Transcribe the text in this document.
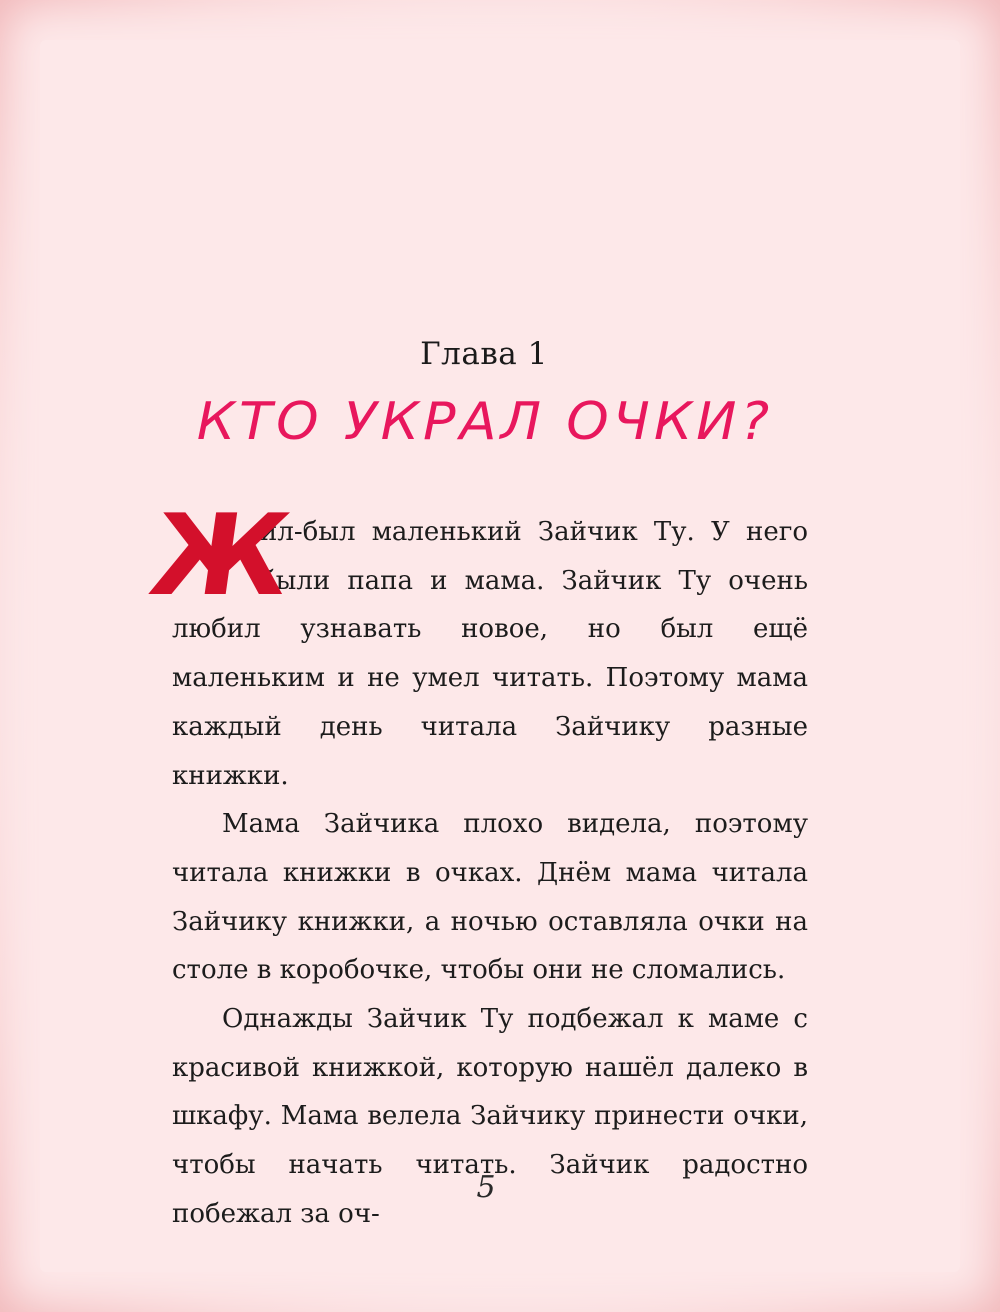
Глава 1
КТО УКРАЛ ОЧКИ?

Ж
ил-был маленький Зайчик Ту. У него были папа и мама. Зайчик Ту очень любил узнавать новое, но был ещё маленьким и не умел читать. Поэтому мама каждый день читала Зайчику разные книжки.

Мама Зайчика плохо видела, поэтому читала книжки в очках. Днём мама читала Зайчику книжки, а ночью оставляла очки на столе в коробочке, чтобы они не сломались.

Однажды Зайчик Ту подбежал к маме с красивой книжкой, которую нашёл далеко в шкафу. Мама велела Зайчику принести очки, чтобы начать читать. Зайчик радостно побежал за оч-

5
